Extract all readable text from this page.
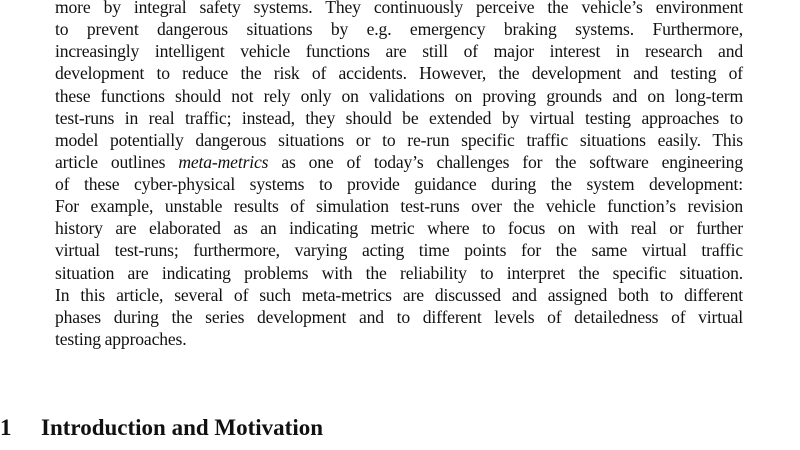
more by integral safety systems. They continuously perceive the vehicle’s environment
to prevent dangerous situations by e.g. emergency braking systems. Furthermore,
increasingly intelligent vehicle functions are still of major interest in research and
development to reduce the risk of accidents. However, the development and testing of
these functions should not rely only on validations on proving grounds and on long-term
test-runs in real traffic; instead, they should be extended by virtual testing approaches to
model potentially dangerous situations or to re-run specific traffic situations easily. This
article outlines meta-metrics as one of today’s challenges for the software engineering
of these cyber-physical systems to provide guidance during the system development:
For example, unstable results of simulation test-runs over the vehicle function’s revision
history are elaborated as an indicating metric where to focus on with real or further
virtual test-runs; furthermore, varying acting time points for the same virtual traffic
situation are indicating problems with the reliability to interpret the specific situation.
In this article, several of such meta-metrics are discussed and assigned both to different
phases during the series development and to different levels of detailedness of virtual
testing approaches.
1 Introduction and Motivation
